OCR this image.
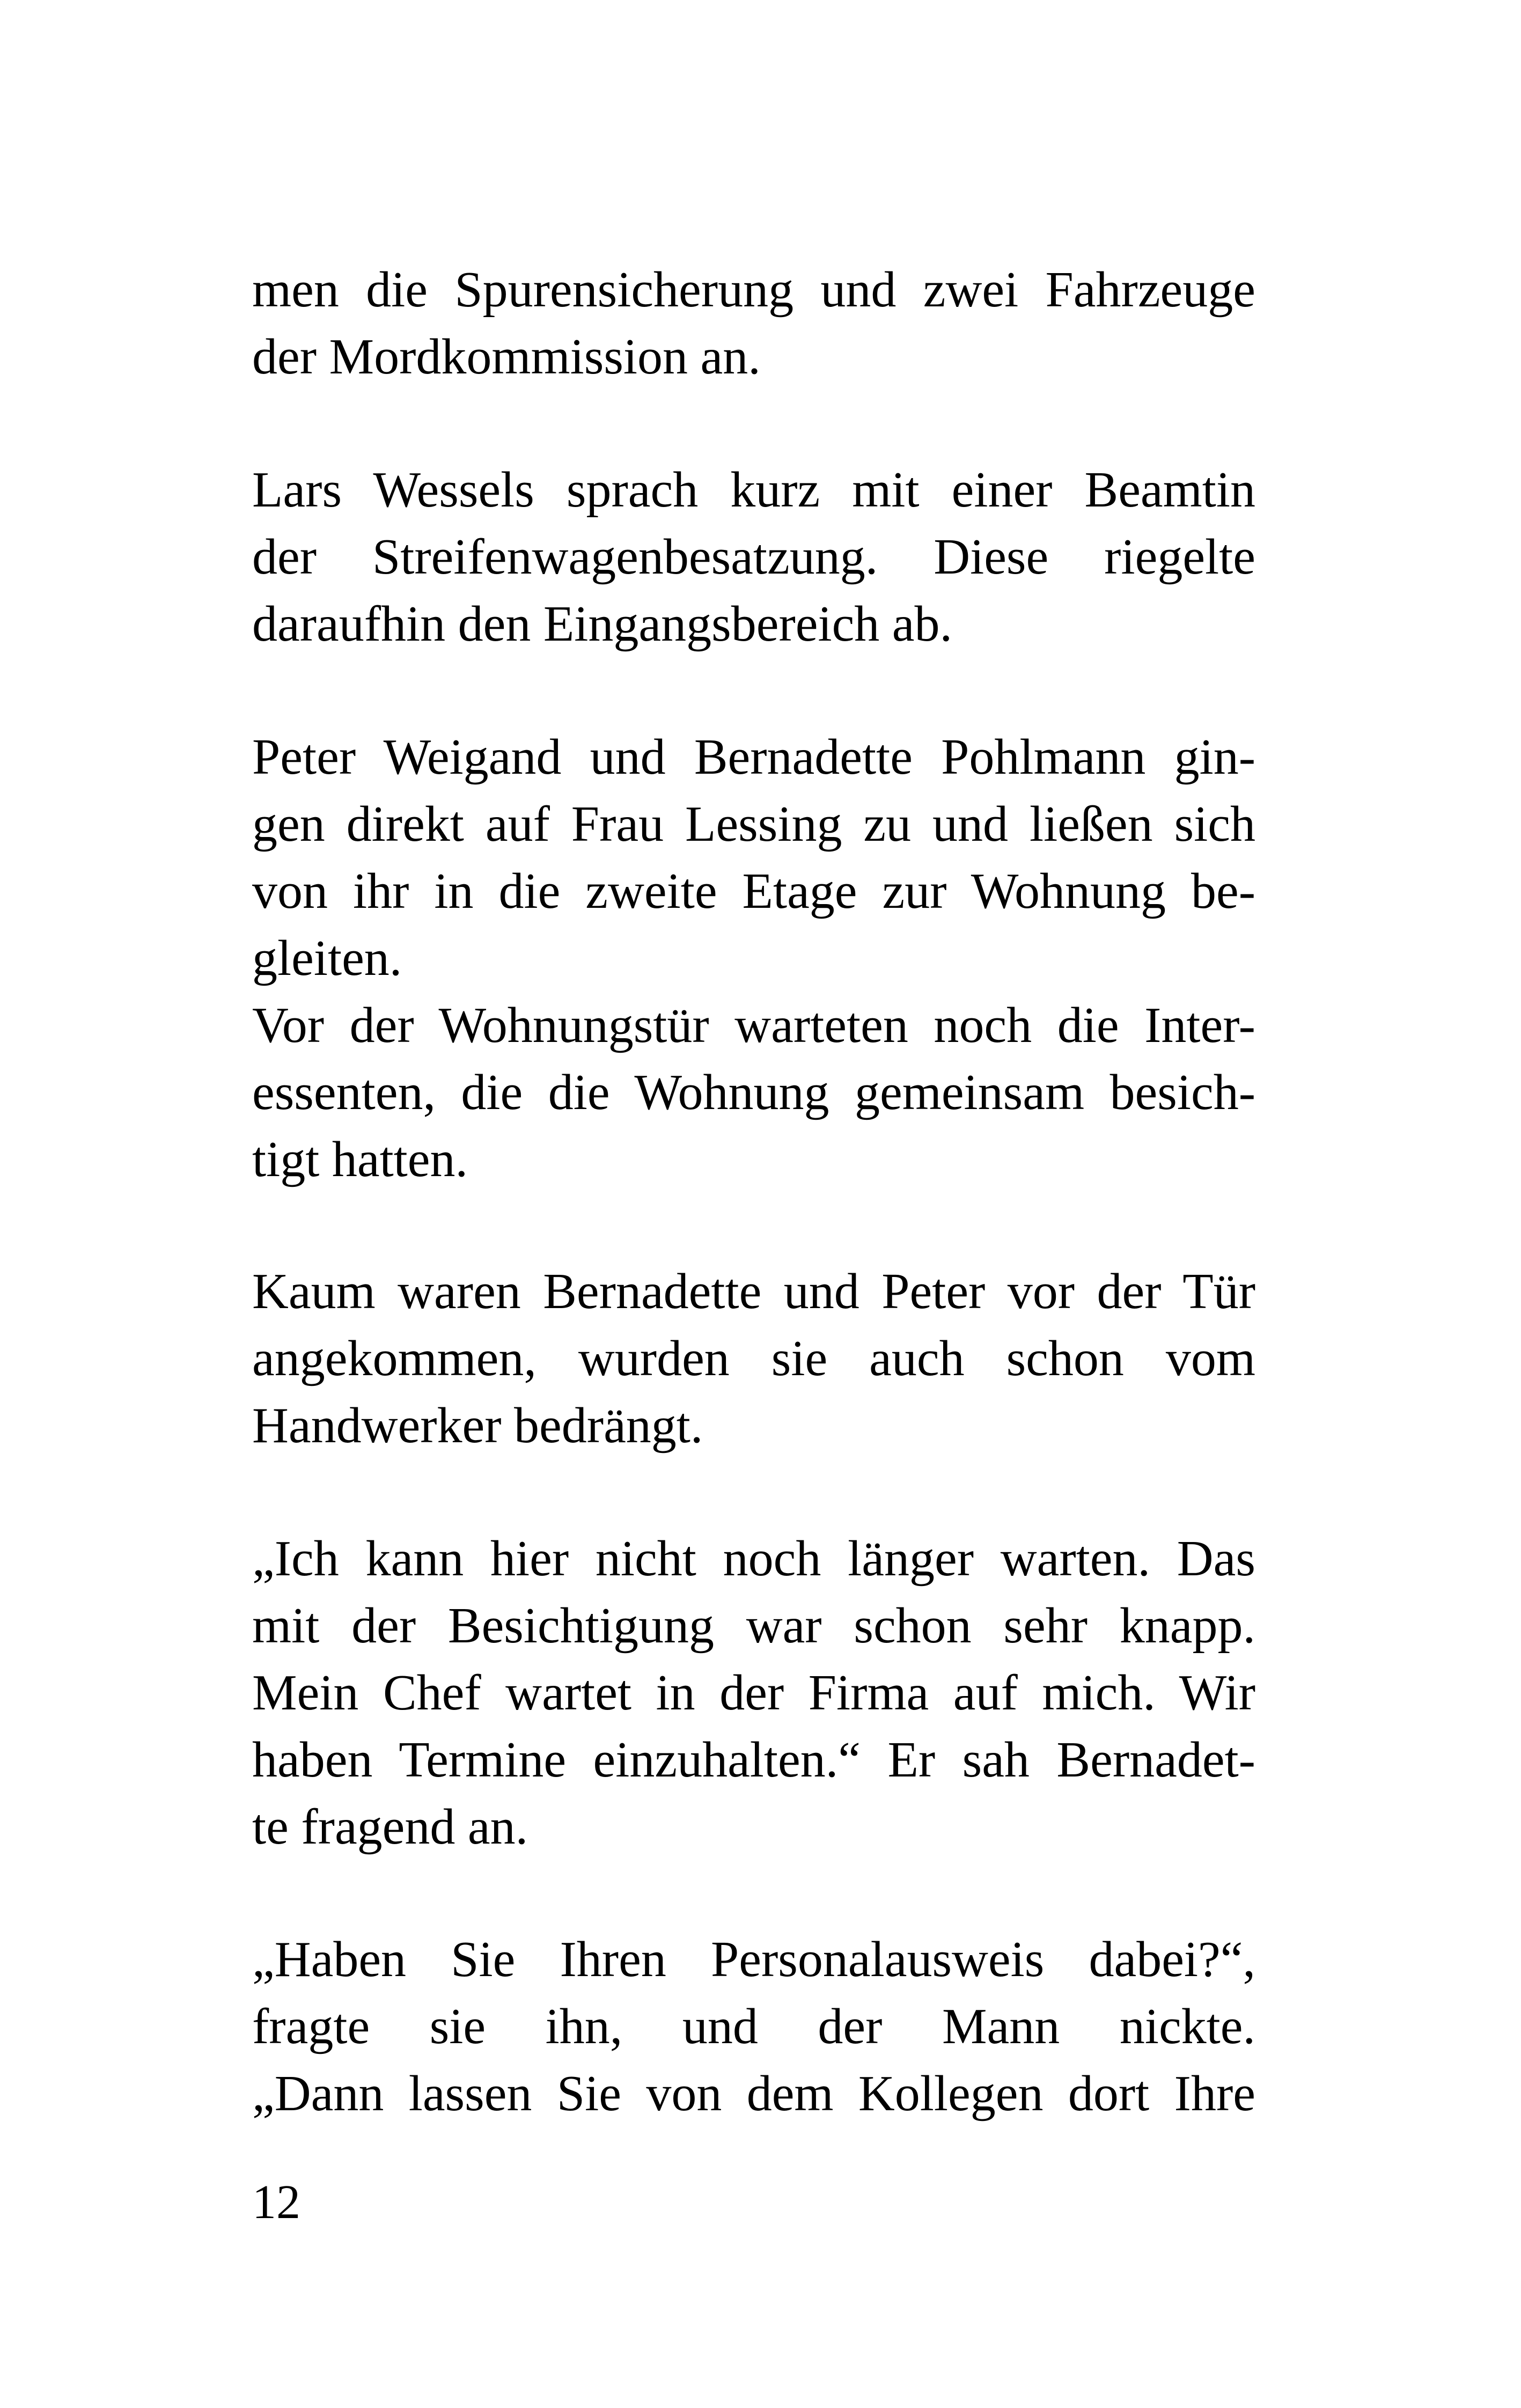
men die Spurensicherung und zwei Fahrzeuge
der Mordkommission an.
Lars Wessels sprach kurz mit einer Beamtin
der Streifenwagenbesatzung. Diese riegelte
daraufhin den Eingangsbereich ab.
Peter Weigand und Bernadette Pohlmann gin-
gen direkt auf Frau Lessing zu und ließen sich
von ihr in die zweite Etage zur Wohnung be-
gleiten.
Vor der Wohnungstür warteten noch die Inter-
essenten, die die Wohnung gemeinsam besich-
tigt hatten.
Kaum waren Bernadette und Peter vor der Tür
angekommen, wurden sie auch schon vom
Handwerker bedrängt.
„Ich kann hier nicht noch länger warten. Das
mit der Besichtigung war schon sehr knapp.
Mein Chef wartet in der Firma auf mich. Wir
haben Termine einzuhalten.“ Er sah Bernadet-
te fragend an.
„Haben Sie Ihren Personalausweis dabei?“,
fragte sie ihn, und der Mann nickte.
„Dann lassen Sie von dem Kollegen dort Ihre
12
